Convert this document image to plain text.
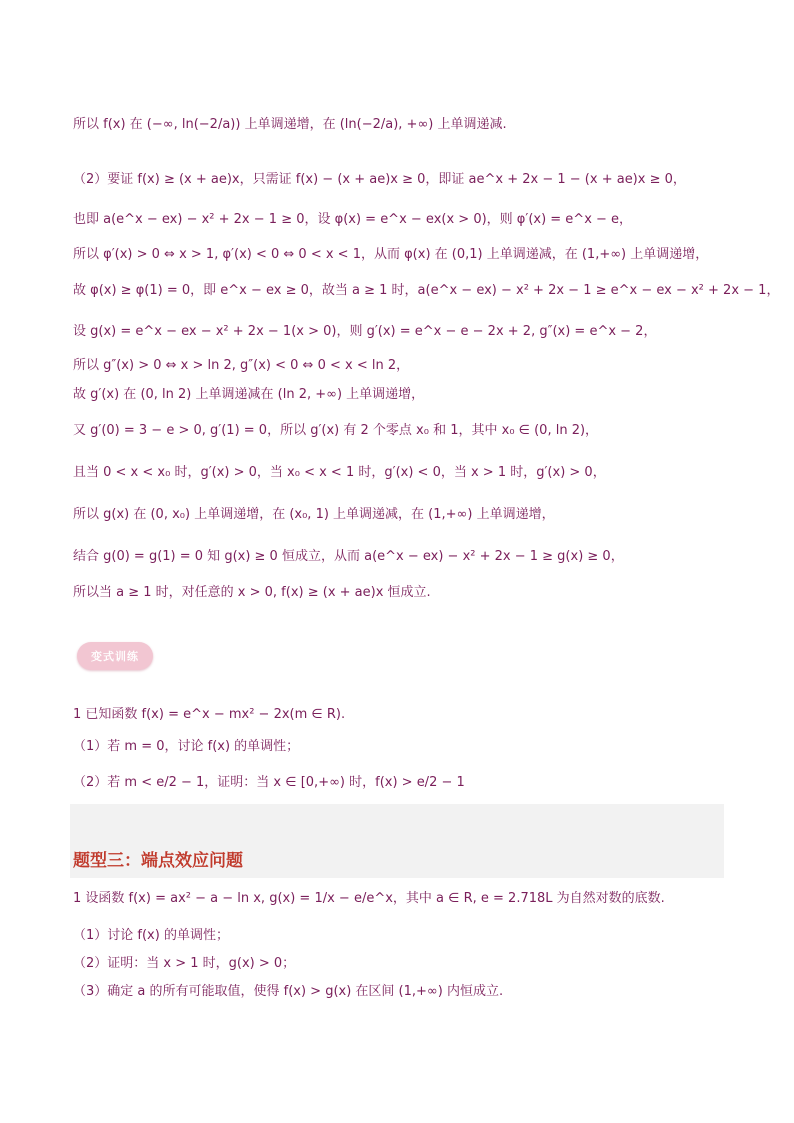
所以 f(x) 在 (−∞, ln(−2/a)) 上单调递增，在 (ln(−2/a), +∞) 上单调递减.
（2）要证 f(x) ≥ (x + ae)x，只需证 f(x) − (x + ae)x ≥ 0，即证 ae^x + 2x − 1 − (x + ae)x ≥ 0，
也即 a(e^x − ex) − x² + 2x − 1 ≥ 0，设 φ(x) = e^x − ex(x > 0)，则 φ′(x) = e^x − e，
所以 φ′(x) > 0 ⇔ x > 1, φ′(x) < 0 ⇔ 0 < x < 1，从而 φ(x) 在 (0,1) 上单调递减，在 (1,+∞) 上单调递增，
故 φ(x) ≥ φ(1) = 0，即 e^x − ex ≥ 0，故当 a ≥ 1 时，a(e^x − ex) − x² + 2x − 1 ≥ e^x − ex − x² + 2x − 1，
设 g(x) = e^x − ex − x² + 2x − 1(x > 0)，则 g′(x) = e^x − e − 2x + 2, g″(x) = e^x − 2，
所以 g″(x) > 0 ⇔ x > ln 2, g″(x) < 0 ⇔ 0 < x < ln 2，
故 g′(x) 在 (0, ln 2) 上单调递减在 (ln 2, +∞) 上单调递增，
又 g′(0) = 3 − e > 0, g′(1) = 0，所以 g′(x) 有 2 个零点 x₀ 和 1，其中 x₀ ∈ (0, ln 2)，
且当 0 < x < x₀ 时，g′(x) > 0，当 x₀ < x < 1 时，g′(x) < 0，当 x > 1 时，g′(x) > 0，
所以 g(x) 在 (0, x₀) 上单调递增，在 (x₀, 1) 上单调递减，在 (1,+∞) 上单调递增，
结合 g(0) = g(1) = 0 知 g(x) ≥ 0 恒成立，从而 a(e^x − ex) − x² + 2x − 1 ≥ g(x) ≥ 0，
所以当 a ≥ 1 时，对任意的 x > 0, f(x) ≥ (x + ae)x 恒成立.
变式训练
1 已知函数 f(x) = e^x − mx² − 2x(m ∈ R).
（1）若 m = 0，讨论 f(x) 的单调性；
（2）若 m < e/2 − 1，证明：当 x ∈ [0,+∞) 时，f(x) > e/2 − 1
题型三：端点效应问题
1 设函数 f(x) = ax² − a − ln x, g(x) = 1/x − e/e^x，其中 a ∈ R, e = 2.718L 为自然对数的底数.
（1）讨论 f(x) 的单调性；
（2）证明：当 x > 1 时，g(x) > 0；
（3）确定 a 的所有可能取值，使得 f(x) > g(x) 在区间 (1,+∞) 内恒成立.
